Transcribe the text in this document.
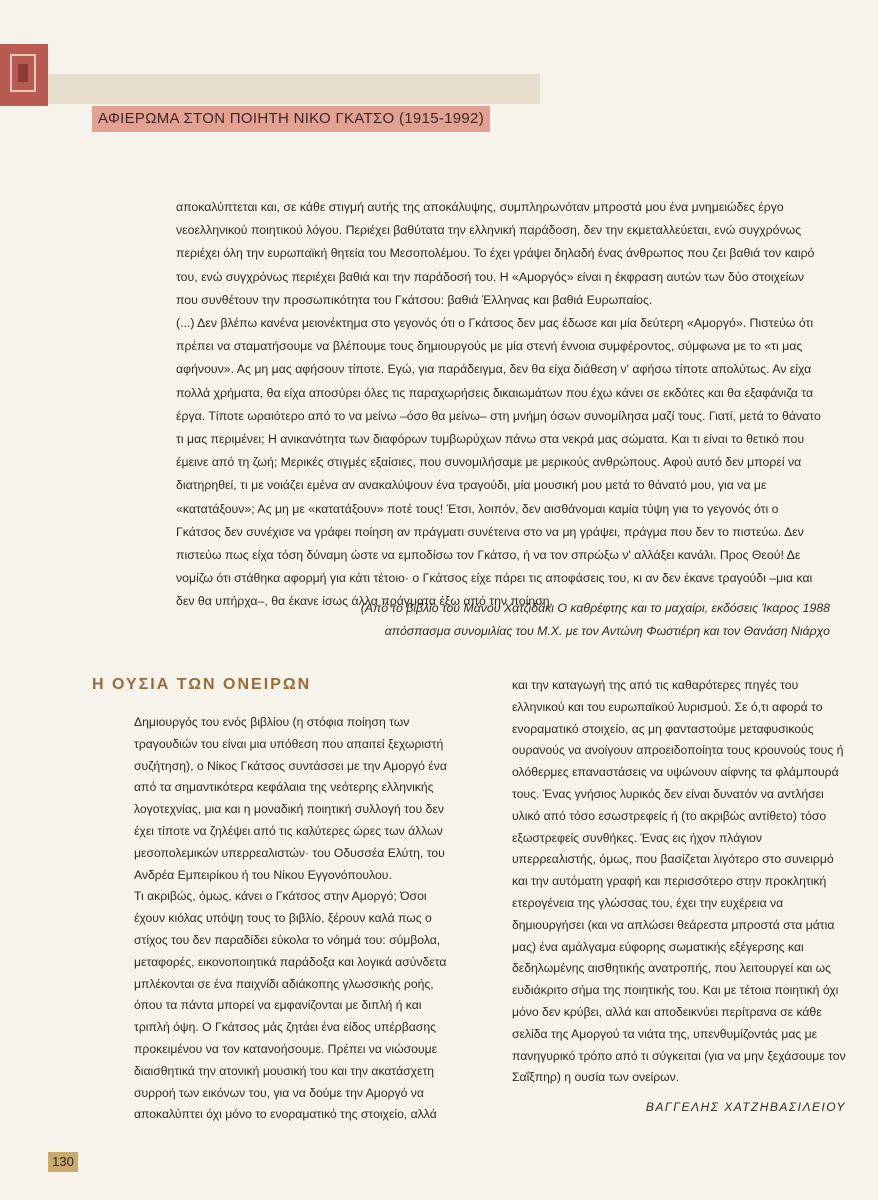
ΑΦΙΕΡΩΜΑ ΣΤΟΝ ΠΟΙΗΤΗ ΝΙΚΟ ΓΚΑΤΣΟ (1915-1992)

αποκαλύπτεται και, σε κάθε στιγμή αυτής της αποκάλυψης, συμπληρωνόταν μπροστά μου ένα μνημειώδες έργο νεοελληνικού ποιητικού λόγου. Περιέχει βαθύτατα την ελληνική παράδοση, δεν την εκμεταλλεύεται, ενώ συγχρόνως περιέχει όλη την ευρωπαϊκή θητεία του Μεσοπολέμου. Το έχει γράψει δηλαδή ένας άνθρωπος που ζει βαθιά τον καιρό του, ενώ συγχρόνως περιέχει βαθιά και την παράδοσή του. Η «Αμοργός» είναι η έκφραση αυτών των δύο στοιχείων που συνθέτουν την προσωπικότητα του Γκάτσου: βαθιά Έλληνας και βαθιά Ευρωπαίος.

(...) Δεν βλέπω κανένα μειονέκτημα στο γεγονός ότι ο Γκάτσος δεν μας έδωσε και μία δεύτερη «Αμοργό». Πιστεύω ότι πρέπει να σταματήσουμε να βλέπουμε τους δημιουργούς με μία στενή έννοια συμφέροντος, σύμφωνα με το «τι μας αφήνουν». Ας μη μας αφήσουν τίποτε. Εγώ, για παράδειγμα, δεν θα είχα διάθεση ν' αφήσω τίποτε απολύτως. Αν είχα πολλά χρήματα, θα είχα αποσύρει όλες τις παραχωρήσεις δικαιωμάτων που έχω κάνει σε εκδότες και θα εξαφάνιζα τα έργα. Τίποτε ωραιότερο από το να μείνω –όσο θα μείνω– στη μνήμη όσων συνομίλησα μαζί τους. Γιατί, μετά το θάνατο τι μας περιμένει; Η ανικανότητα των διαφόρων τυμβωρύχων πάνω στα νεκρά μας σώματα. Και τι είναι το θετικό που έμεινε από τη ζωή; Μερικές στιγμές εξαίσιες, που συνομιλήσαμε με μερικούς ανθρώπους. Αφού αυτό δεν μπορεί να διατηρηθεί, τι με νοιάζει εμένα αν ανακαλύψουν ένα τραγούδι, μία μουσική μου μετά το θάνατό μου, για να με «κατατάξουν»; Ας μη με «κατατάξουν» ποτέ τους! Έτσι, λοιπόν, δεν αισθάνομαι καμία τύψη για το γεγονός ότι ο Γκάτσος δεν συνέχισε να γράφει ποίηση αν πράγματι συνέτεινα στο να μη γράψει, πράγμα που δεν το πιστεύω. Δεν πιστεύω πως είχα τόση δύναμη ώστε να εμποδίσω τον Γκάτσο, ή να τον σπρώξω ν' αλλάξει κανάλι. Προς Θεού! Δε νομίζω ότι στάθηκα αφορμή για κάτι τέτοιο· ο Γκάτσος είχε πάρει τις αποφάσεις του, κι αν δεν έκανε τραγούδι –μια και δεν θα υπήρχα–, θα έκανε ίσως άλλα πράγματα έξω από την ποίηση.

(Από το βιβλίο του Μάνου Χατζιδάκι Ο καθρέφτης και το μαχαίρι, εκδόσεις Ίκαρος 1988
απόσπασμα συνομιλίας του Μ.Χ. με τον Αντώνη Φωστιέρη και τον Θανάση Νιάρχο
Η ΟΥΣΙΑ ΤΩΝ ΟΝΕΙΡΩΝ

Δημιουργός του ενός βιβλίου (η στόφια ποίηση των τραγουδιών του είναι μια υπόθεση που απαιτεί ξεχωριστή συζήτηση), ο Νίκος Γκάτσος συντάσσει με την Αμοργό ένα από τα σημαντικότερα κεφάλαια της νεότερης ελληνικής λογοτεχνίας, μια και η μοναδική ποιητική συλλογή του δεν έχει τίποτε να ζηλέψει από τις καλύτερες ώρες των άλλων μεσοπολεμικών υπερρεαλιστών· του Οδυσσέα Ελύτη, του Ανδρέα Εμπειρίκου ή του Νίκου Εγγονόπουλου.

Τι ακριβώς, όμως, κάνει ο Γκάτσος στην Αμοργό; Όσοι έχουν κιόλας υπόψη τους το βιβλίο, ξέρουν καλά πως ο στίχος του δεν παραδίδει εύκολα το νόημά του: σύμβολα, μεταφορές, εικονοποιητικά παράδοξα και λογικά ασύνδετα μπλέκονται σε ένα παιχνίδι αδιάκοπης γλωσσικής ροής, όπου τα πάντα μπορεί να εμφανίζονται με διπλή ή και τριπλή όψη. Ο Γκάτσος μάς ζητάει ένα είδος υπέρβασης προκειμένου να τον κατανοήσουμε. Πρέπει να νιώσουμε διαισθητικά την ατονική μουσική του και την ακατάσχετη συρροή των εικόνων του, για να δούμε την Αμοργό να αποκαλύπτει όχι μόνο το ενοραματικό της στοιχείο, αλλά

και την καταγωγή της από τις καθαρότερες πηγές του ελληνικού και του ευρωπαϊκού λυρισμού. Σε ό,τι αφορά το ενοραματικό στοιχείο, ας μη φανταστούμε μεταφυσικούς ουρανούς να ανοίγουν απροειδοποίητα τους κρουνούς τους ή ολόθερμες επαναστάσεις να υψώνουν αίφνης τα φλάμπουρά τους. Ένας γνήσιος λυρικός δεν είναι δυνατόν να αντλήσει υλικό από τόσο εσωστρεφείς ή (το ακριβώς αντίθετο) τόσο εξωστρεφείς συνθήκες. Ένας εις ήχον πλάγιον υπερρεαλιστής, όμως, που βασίζεται λιγότερο στο συνειρμό και την αυτόματη γραφή και περισσότερο στην προκλητική ετερογένεια της γλώσσας του, έχει την ευχέρεια να δημιουργήσει (και να απλώσει θεάρεστα μπροστά στα μάτια μας) ένα αμάλγαμα εύφορης σωματικής εξέγερσης και δεδηλωμένης αισθητικής ανατροπής, που λειτουργεί και ως ευδιάκριτο σήμα της ποιητικής του. Και με τέτοια ποιητική όχι μόνο δεν κρύβει, αλλά και αποδεικνύει περίτρανα σε κάθε σελίδα της Αμοργού τα νιάτα της, υπενθυμίζοντάς μας με πανηγυρικό τρόπο από τι σύγκειται (για να μην ξεχάσουμε τον Σαΐξπηρ) η ουσία των ονείρων.

ΒΑΓΓΕΛΗΣ ΧΑΤΖΗΒΑΣΙΛΕΙΟΥ
130
